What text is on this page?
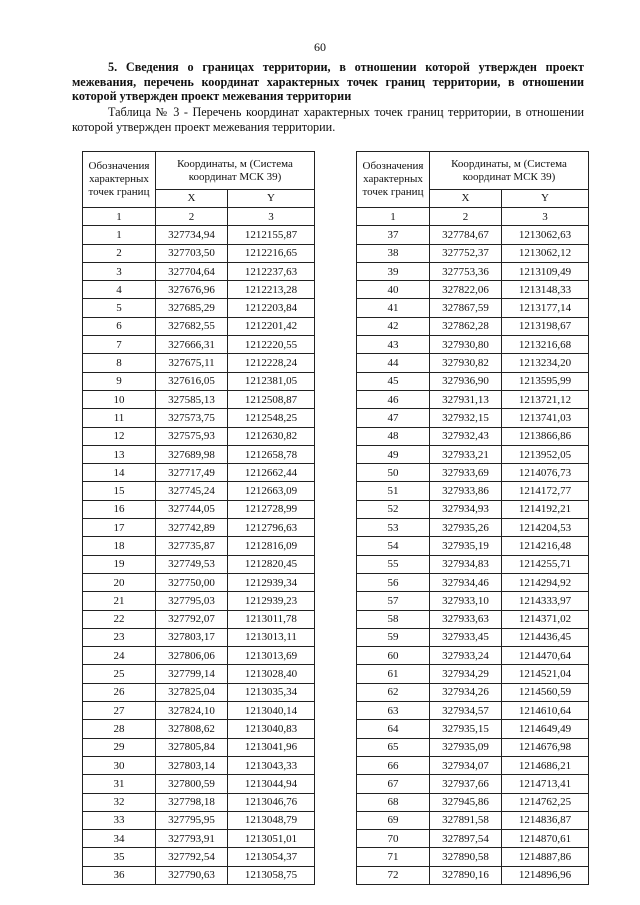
60
5. Сведения о границах территории, в отношении которой утвержден проект межевания, перечень координат характерных точек границ территории, в отношении которой утвержден проект межевания территории
Таблица № 3 - Перечень координат характерных точек границ территории, в отношении которой утвержден проект межевания территории.
Обозначения характерных точек границ	Координаты, м (Система координат МСК 39)	
	X	Y
1	2	3
1	327734,94	1212155,87
2	327703,50	1212216,65
3	327704,64	1212237,63
4	327676,96	1212213,28
5	327685,29	1212203,84
6	327682,55	1212201,42
7	327666,31	1212220,55
8	327675,11	1212228,24
9	327616,05	1212381,05
10	327585,13	1212508,87
11	327573,75	1212548,25
12	327575,93	1212630,82
13	327689,98	1212658,78
14	327717,49	1212662,44
15	327745,24	1212663,09
16	327744,05	1212728,99
17	327742,89	1212796,63
18	327735,87	1212816,09
19	327749,53	1212820,45
20	327750,00	1212939,34
21	327795,03	1212939,23
22	327792,07	1213011,78
23	327803,17	1213013,11
24	327806,06	1213013,69
25	327799,14	1213028,40
26	327825,04	1213035,34
27	327824,10	1213040,14
28	327808,62	1213040,83
29	327805,84	1213041,96
30	327803,14	1213043,33
31	327800,59	1213044,94
32	327798,18	1213046,76
33	327795,95	1213048,79
34	327793,91	1213051,01
35	327792,54	1213054,37
36	327790,63	1213058,75
Обозначения характерных точек границ	Координаты, м (Система координат МСК 39)	
	X	Y
1	2	3
37	327784,67	1213062,63
38	327752,37	1213062,12
39	327753,36	1213109,49
40	327822,06	1213148,33
41	327867,59	1213177,14
42	327862,28	1213198,67
43	327930,80	1213216,68
44	327930,82	1213234,20
45	327936,90	1213595,99
46	327931,13	1213721,12
47	327932,15	1213741,03
48	327932,43	1213866,86
49	327933,21	1213952,05
50	327933,69	1214076,73
51	327933,86	1214172,77
52	327934,93	1214192,21
53	327935,26	1214204,53
54	327935,19	1214216,48
55	327934,83	1214255,71
56	327934,46	1214294,92
57	327933,10	1214333,97
58	327933,63	1214371,02
59	327933,45	1214436,45
60	327933,24	1214470,64
61	327934,29	1214521,04
62	327934,26	1214560,59
63	327934,57	1214610,64
64	327935,15	1214649,49
65	327935,09	1214676,98
66	327934,07	1214686,21
67	327937,66	1214713,41
68	327945,86	1214762,25
69	327891,58	1214836,87
70	327897,54	1214870,61
71	327890,58	1214887,86
72	327890,16	1214896,96
